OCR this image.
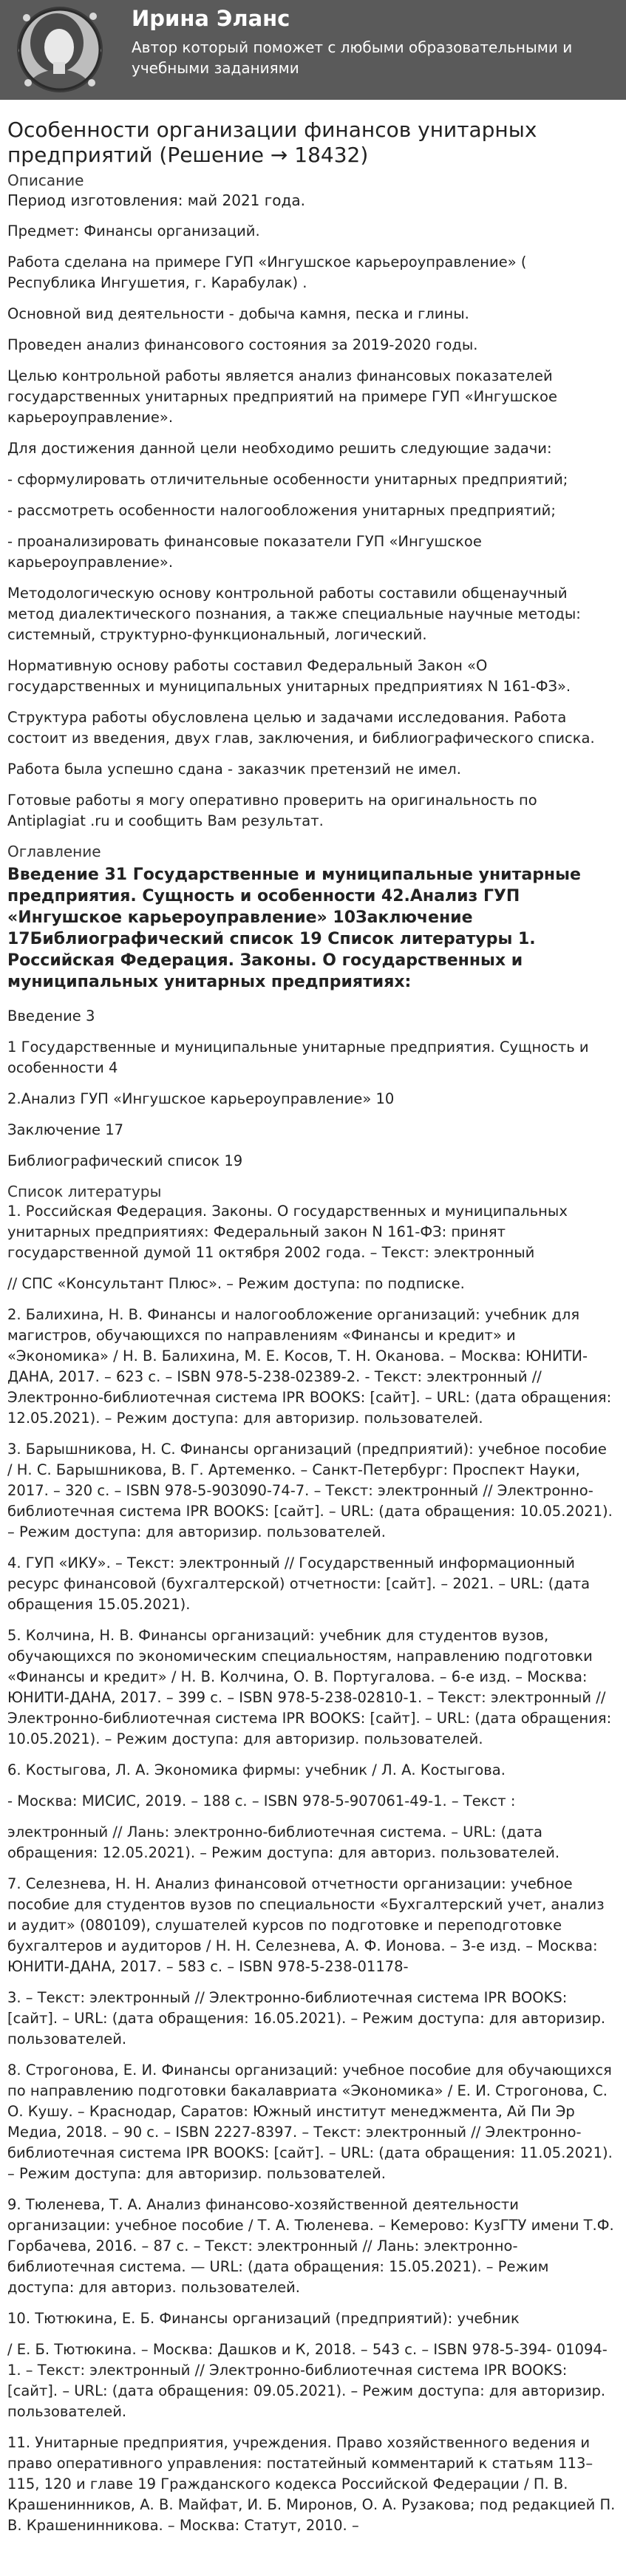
Ирина Эланс
Автор который поможет с любыми образовательными и учебными заданиями
Особенности организации финансов унитарных предприятий (Решение → 18432)
Описание
Период изготовления: май 2021 года.

Предмет: Финансы организаций.

Работа сделана на примере ГУП «Ингушское карьероуправление» ( Республика Ингушетия, г. Карабулак) .

Основной вид деятельности - добыча камня, песка и глины.

Проведен анализ финансового состояния за 2019-2020 годы.

Целью контрольной работы является анализ финансовых показателей государственных унитарных предприятий на примере ГУП «Ингушское карьероуправление».

Для достижения данной цели необходимо решить следующие задачи:

- сформулировать отличительные особенности унитарных предприятий;

- рассмотреть особенности налогообложения унитарных предприятий;

- проанализировать финансовые показатели ГУП «Ингушское карьероуправление».

Методологическую основу контрольной работы составили общенаучный метод диалектического познания, а также специальные научные методы: системный, структурно-функциональный, логический.

Нормативную основу работы составил Федеральный Закон «О государственных и муниципальных унитарных предприятиях N 161-ФЗ».

Структура работы обусловлена целью и задачами исследования. Работа состоит из введения, двух глав, заключения, и библиографического списка.

Работа была успешно сдана - заказчик претензий не имел.

Готовые работы я могу оперативно проверить на оригинальность по Antiplagiat .ru и сообщить Вам результат.

Оглавление
Введение 31 Государственные и муниципальные унитарные предприятия. Сущность и особенности 42.Анализ ГУП «Ингушское карьероуправление» 10Заключение 17Библиографический список 19 Список литературы 1. Российская Федерация. Законы. О государственных и муниципальных унитарных предприятиях:

Введение 3

1 Государственные и муниципальные унитарные предприятия. Сущность и особенности 4

2.Анализ ГУП «Ингушское карьероуправление» 10

Заключение 17

Библиографический список 19

Список литературы
1. Российская Федерация. Законы. О государственных и муниципальных унитарных предприятиях: Федеральный закон N 161-ФЗ: принят государственной думой 11 октября 2002 года. – Текст: электронный
// СПС «Консультант Плюс». – Режим доступа: по подписке.
2. Балихина, Н. В. Финансы и налогообложение организаций: учебник для магистров, обучающихся по направлениям «Финансы и кредит» и «Экономика» / Н. В. Балихина, М. Е. Косов, Т. Н. Оканова. – Москва: ЮНИТИ-ДАНА, 2017. – 623 c. – ISBN 978-5-238-02389-2. - Текст: электронный // Электронно-библиотечная система IPR BOOKS: [сайт]. – URL: (дата обращения: 12.05.2021). – Режим доступа: для авторизир. пользователей.
3. Барышникова, Н. С. Финансы организаций (предприятий): учебное пособие / Н. С. Барышникова, В. Г. Артеменко. – Санкт-Петербург: Проспект Науки, 2017. – 320 c. – ISBN 978-5-903090-74-7. – Текст: электронный // Электронно-библиотечная система IPR BOOKS: [сайт]. – URL: (дата обращения: 10.05.2021). – Режим доступа: для авторизир. пользователей.
4. ГУП «ИКУ». – Текст: электронный // Государственный информационный ресурс финансовой (бухгалтерской) отчетности: [сайт]. – 2021. – URL: (дата обращения 15.05.2021).
5. Колчина, Н. В. Финансы организаций: учебник для студентов вузов, обучающихся по экономическим специальностям, направлению подготовки «Финансы и кредит» / Н. В. Колчина, О. В. Португалова. – 6-е изд. – Москва: ЮНИТИ-ДАНА, 2017. – 399 c. – ISBN 978-5-238-02810-1. – Текст: электронный // Электронно-библиотечная система IPR BOOKS: [сайт]. – URL: (дата обращения: 10.05.2021). – Режим доступа: для авторизир. пользователей.
6. Костыгова, Л. А. Экономика фирмы: учебник / Л. А. Костыгова.
- Москва: МИСИС, 2019. – 188 с. – ISBN 978-5-907061-49-1. – Текст :
электронный // Лань: электронно-библиотечная система. – URL: (дата обращения: 12.05.2021). – Режим доступа: для авториз. пользователей.
7. Селезнева, Н. Н. Анализ финансовой отчетности организации: учебное пособие для студентов вузов по специальности «Бухгалтерский учет, анализ и аудит» (080109), слушателей курсов по подготовке и переподготовке бухгалтеров и аудиторов / Н. Н. Селезнева, А. Ф. Ионова. – 3-е изд. – Москва: ЮНИТИ-ДАНА, 2017. – 583 c. – ISBN 978-5-238-01178-
3. – Текст: электронный // Электронно-библиотечная система IPR BOOKS: [сайт]. – URL: (дата обращения: 16.05.2021). – Режим доступа: для авторизир. пользователей.
8. Строгонова, Е. И. Финансы организаций: учебное пособие для обучающихся по направлению подготовки бакалавриата «Экономика» / Е. И. Строгонова, С. О. Кушу. – Краснодар, Саратов: Южный институт менеджмента, Ай Пи Эр Медиа, 2018. – 90 c. – ISBN 2227-8397. – Текст: электронный // Электронно-библиотечная система IPR BOOKS: [сайт]. – URL: (дата обращения: 11.05.2021). – Режим доступа: для авторизир. пользователей.
9. Тюленева, Т. А. Анализ финансово-хозяйственной деятельности организации: учебное пособие / Т. А. Тюленева. – Кемерово: КузГТУ имени Т.Ф. Горбачева, 2016. – 87 с. – Текст: электронный // Лань: электронно- библиотечная система. — URL: (дата обращения: 15.05.2021). – Режим доступа: для авториз. пользователей.
10. Тютюкина, Е. Б. Финансы организаций (предприятий): учебник
/ Е. Б. Тютюкина. – Москва: Дашков и К, 2018. – 543 c. – ISBN 978-5-394- 01094-1. – Текст: электронный // Электронно-библиотечная система IPR BOOKS: [сайт]. – URL: (дата обращения: 09.05.2021). – Режим доступа: для авторизир. пользователей.
11. Унитарные предприятия, учреждения. Право хозяйственного ведения и право оперативного управления: постатейный комментарий к статьям 113–115, 120 и главе 19 Гражданского кодекса Российской Федерации / П. В. Крашенинников, А. В. Майфат, И. Б. Миронов, О. А. Рузакова; под редакцией П. В. Крашенинникова. – Москва: Статут, 2010. –
